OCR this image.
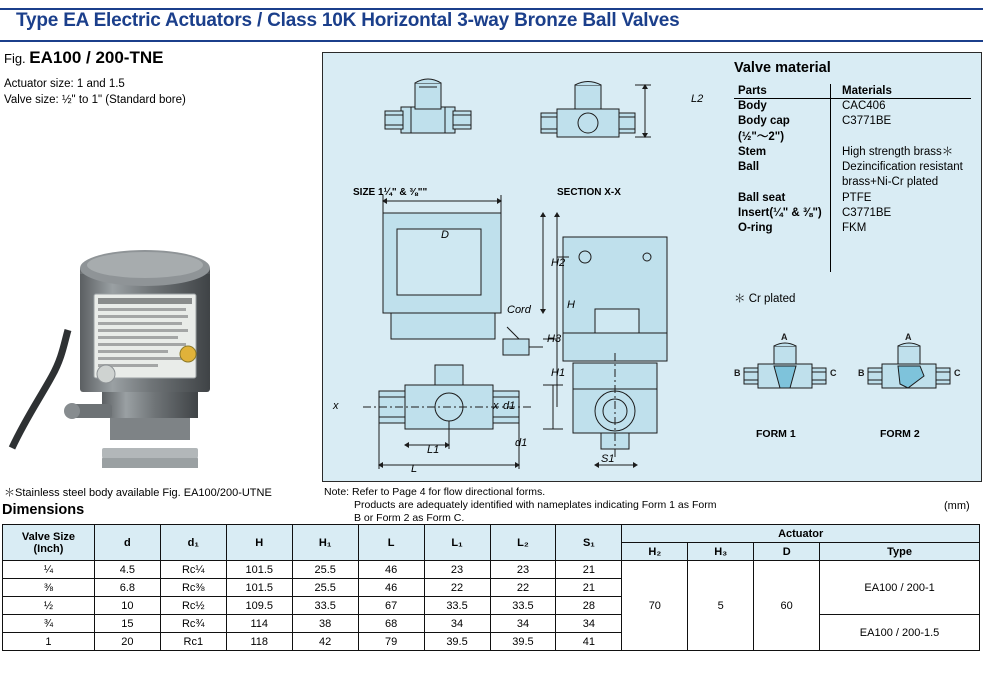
Type EA Electric Actuators / Class 10K Horizontal 3-way Bronze Ball Valves
Fig. EA100 / 200-TNE
Actuator size: 1 and 1.5
Valve size: ½" to 1" (Standard bore)
＊Stainless steel body available Fig. EA100/200-UTNE
Dimensions
SIZE 1¼" & ⅜""	SECTION X-X
L2
D
Cord
H2
H
H3
H1
L1
L
d1
x	x d1
S1
Note: Refer to Page 4 for flow directional forms.
Products are adequately identified with nameplates indicating Form 1 as Form B or Form 2 as Form C.
(mm)
Valve material
Parts	Materials
Body	CAC406
Body cap	C3771BE
(½"〜2")	
Stem	High strength brass＊
Ball	Dezincification resistant
	brass+Ni-Cr plated
Ball seat	PTFE
Insert(¼" & ⅜")	C3771BE
O-ring	FKM
＊ Cr plated
A
B	C
A
B	C
FORM 1	FORM 2
Valve Size
(Inch)	d	d₁	H	H₁	L	L₁	L₂	S₁	Actuator			
									H₂	H₃	D	Type
¼	4.5	Rc¼	101.5	25.5	46	23	23	21	70	5	60	EA100 / 200-1
⅜	6.8	Rc⅜	101.5	25.5	46	22	22	21				
½	10	Rc½	109.5	33.5	67	33.5	33.5	28				
¾	15	Rc¾	114	38	68	34	34	34				EA100 / 200-1.5
1	20	Rc1	118	42	79	39.5	39.5	41				
